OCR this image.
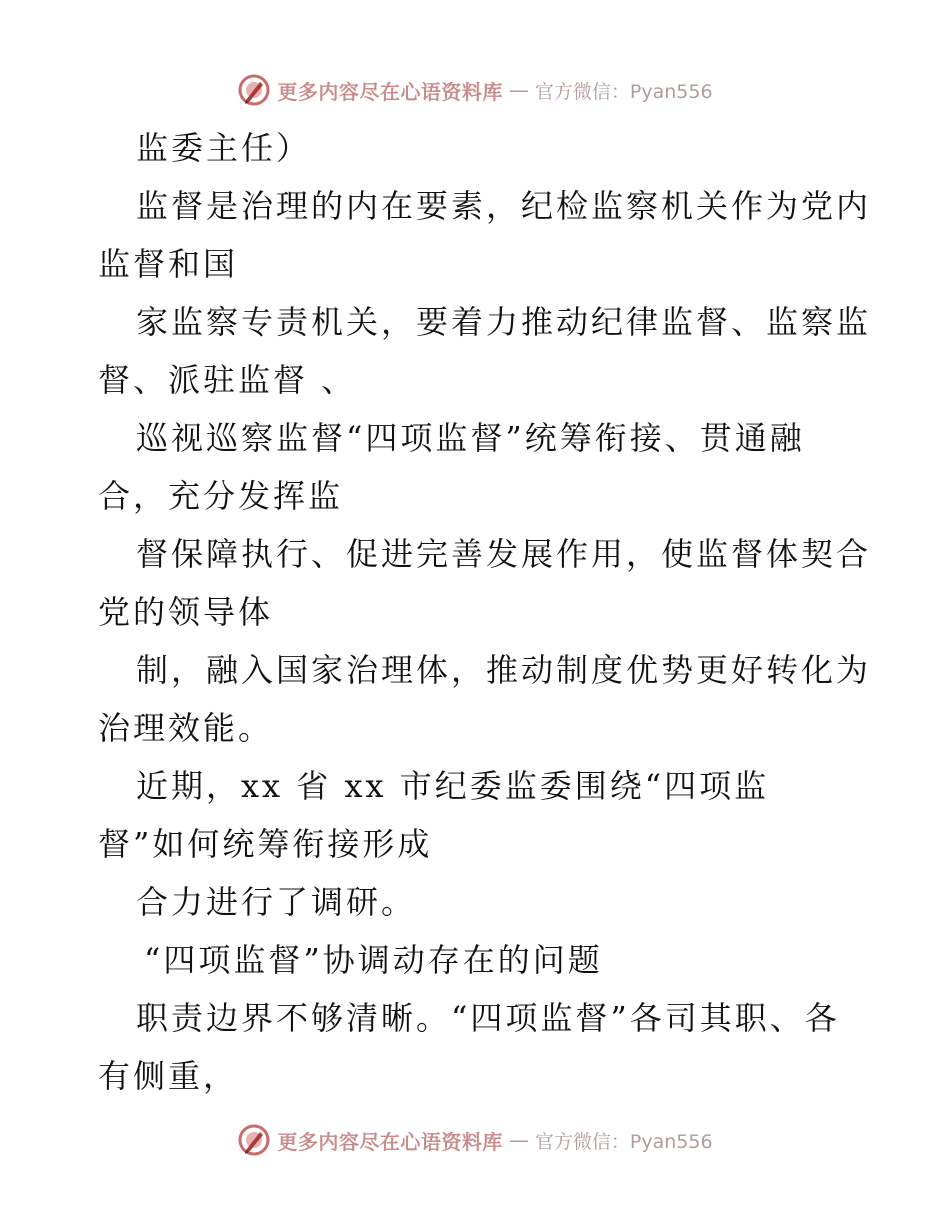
更多内容尽在心语资料库 — 官方微信：Pyan556
监委主任）
监督是治理的内在要素，纪检监察机关作为党内
监督和国
家监察专责机关，要着力推动纪律监督、监察监
督、派驻监督 、
巡视巡察监督“四项监督”统筹衔接、贯通融
合，充分发挥监
督保障执行、促进完善发展作用，使监督体契合
党的领导体
制，融入国家治理体，推动制度优势更好转化为
治理效能。
近期，xx 省 xx 市纪委监委围绕“四项监
督”如何统筹衔接形成
合力进行了调研。
“四项监督”协调动存在的问题
职责边界不够清晰。“四项监督”各司其职、各
有侧重，
更多内容尽在心语资料库 — 官方微信：Pyan556
